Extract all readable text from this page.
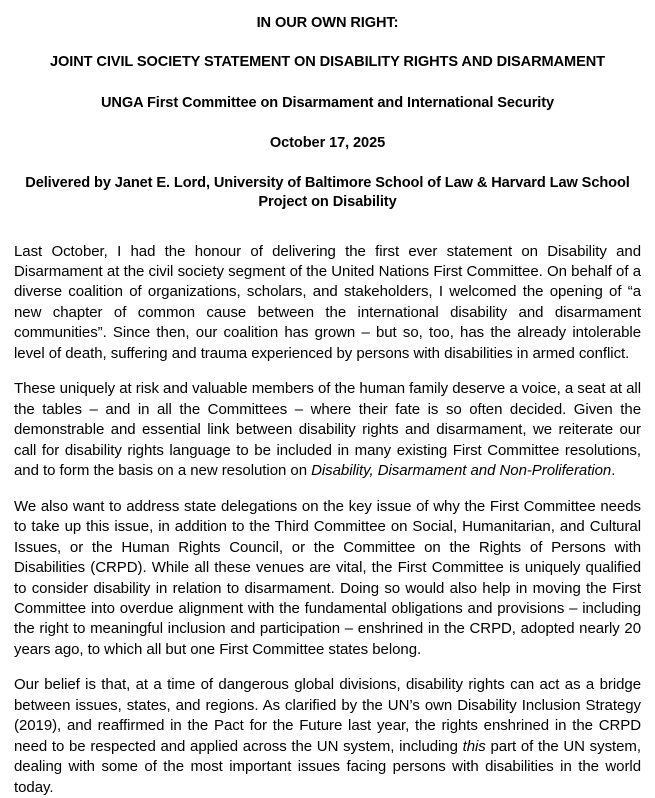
IN OUR OWN RIGHT:
JOINT CIVIL SOCIETY STATEMENT ON DISABILITY RIGHTS AND DISARMAMENT
UNGA First Committee on Disarmament and International Security
October 17, 2025
Delivered by Janet E. Lord, University of Baltimore School of Law & Harvard Law School Project on Disability

Last October, I had the honour of delivering the first ever statement on Disability and Disarmament at the civil society segment of the United Nations First Committee. On behalf of a diverse coalition of organizations, scholars, and stakeholders, I welcomed the opening of “a new chapter of common cause between the international disability and disarmament communities”. Since then, our coalition has grown – but so, too, has the already intolerable level of death, suffering and trauma experienced by persons with disabilities in armed conflict.

These uniquely at risk and valuable members of the human family deserve a voice, a seat at all the tables – and in all the Committees – where their fate is so often decided. Given the demonstrable and essential link between disability rights and disarmament, we reiterate our call for disability rights language to be included in many existing First Committee resolutions, and to form the basis on a new resolution on Disability, Disarmament and Non-Proliferation.

We also want to address state delegations on the key issue of why the First Committee needs to take up this issue, in addition to the Third Committee on Social, Humanitarian, and Cultural Issues, or the Human Rights Council, or the Committee on the Rights of Persons with Disabilities (CRPD). While all these venues are vital, the First Committee is uniquely qualified to consider disability in relation to disarmament. Doing so would also help in moving the First Committee into overdue alignment with the fundamental obligations and provisions – including the right to meaningful inclusion and participation – enshrined in the CRPD, adopted nearly 20 years ago, to which all but one First Committee states belong.

Our belief is that, at a time of dangerous global divisions, disability rights can act as a bridge between issues, states, and regions. As clarified by the UN’s own Disability Inclusion Strategy (2019), and reaffirmed in the Pact for the Future last year, the rights enshrined in the CRPD need to be respected and applied across the UN system, including this part of the UN system, dealing with some of the most important issues facing persons with disabilities in the world today.
